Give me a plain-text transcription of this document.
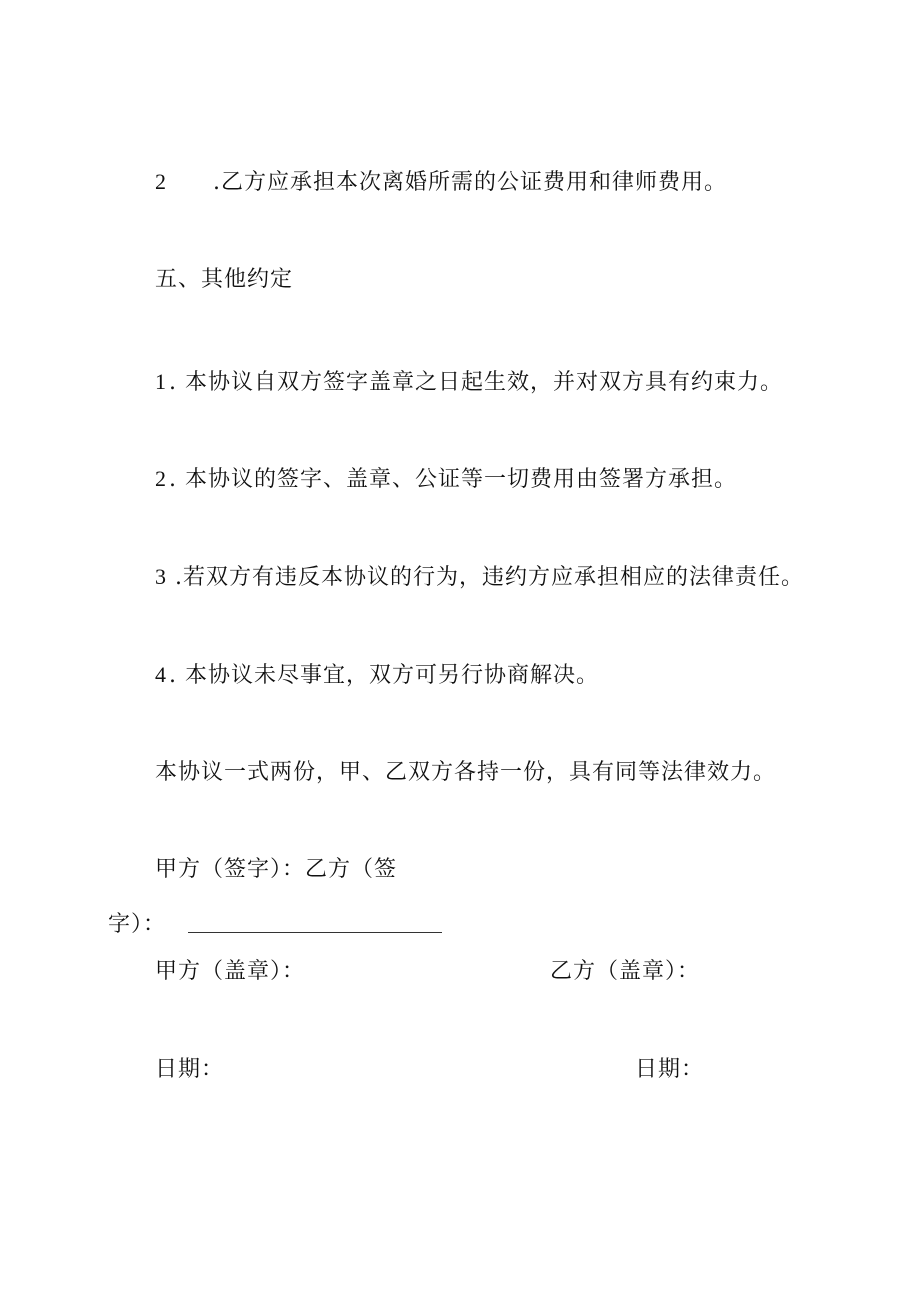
2 .乙方应承担本次离婚所需的公证费用和律师费用。
五、其他约定
1. 本协议自双方签字盖章之日起生效，并对双方具有约束力。
2. 本协议的签字、盖章、公证等一切费用由签署方承担。
3 .若双方有违反本协议的行为，违约方应承担相应的法律责任。
4. 本协议未尽事宜，双方可另行协商解决。
本协议一式两份，甲、乙双方各持一份，具有同等法律效力。
甲方（签字）：乙方（签
字）：
甲方（盖章）：	乙方（盖章）：
日期：	日期：
